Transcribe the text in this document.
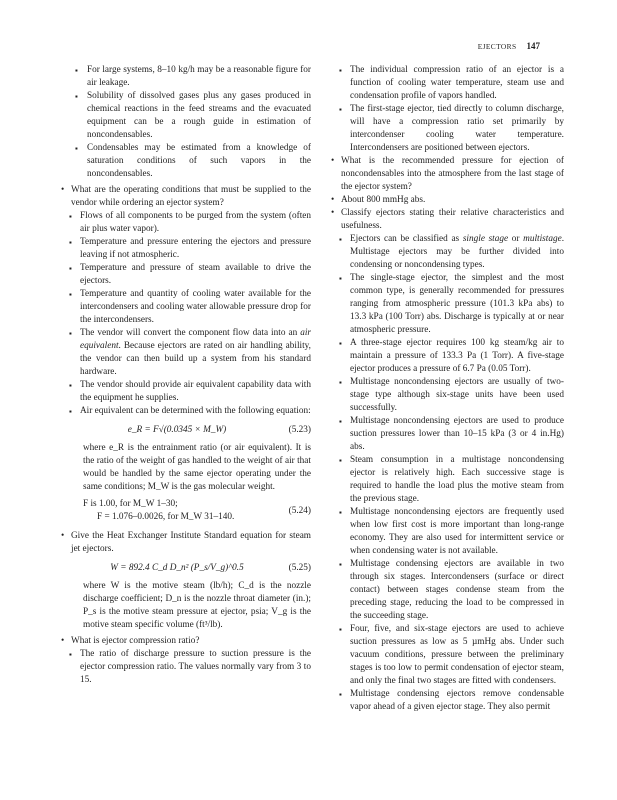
EJECTORS 147
▪ For large systems, 8–10 kg/h may be a reasonable figure for air leakage.
▪ Solubility of dissolved gases plus any gases produced in chemical reactions in the feed streams and the evacuated equipment can be a rough guide in estimation of noncondensables.
▪ Condensables may be estimated from a knowledge of saturation conditions of such vapors in the noncondensables.
• What are the operating conditions that must be supplied to the vendor while ordering an ejector system?
▪ Flows of all components to be purged from the system (often air plus water vapor).
▪ Temperature and pressure entering the ejectors and pressure leaving if not atmospheric.
▪ Temperature and pressure of steam available to drive the ejectors.
▪ Temperature and quantity of cooling water available for the intercondensers and cooling water allowable pressure drop for the intercondensers.
▪ The vendor will convert the component flow data into an air equivalent. Because ejectors are rated on air handling ability, the vendor can then build up a system from his standard hardware.
▪ The vendor should provide air equivalent capability data with the equipment he supplies.
▪ Air equivalent can be determined with the following equation:
e_R = F√(0.0345 × M_W)	(5.23)
where e_R is the entrainment ratio (or air equivalent). It is the ratio of the weight of gas handled to the weight of air that would be handled by the same ejector operating under the same conditions; M_W is the gas molecular weight.
F is 1.00, for M_W 1–30;
F = 1.076–0.0026, for M_W 31–140.
(5.24)
• Give the Heat Exchanger Institute Standard equation for steam jet ejectors.
W = 892.4 C_d D_n² (P_s/V_g)^0.5	(5.25)
where W is the motive steam (lb/h); C_d is the nozzle discharge coefficient; D_n is the nozzle throat diameter (in.); P_s is the motive steam pressure at ejector, psia; V_g is the motive steam specific volume (ft³/lb).
• What is ejector compression ratio?
▪ The ratio of discharge pressure to suction pressure is the ejector compression ratio. The values normally vary from 3 to 15.
▪ The individual compression ratio of an ejector is a function of cooling water temperature, steam use and condensation profile of vapors handled.
▪ The first-stage ejector, tied directly to column discharge, will have a compression ratio set primarily by intercondenser cooling water temperature. Intercondensers are positioned between ejectors.
• What is the recommended pressure for ejection of noncondensables into the atmosphere from the last stage of the ejector system?
• About 800 mmHg abs.
• Classify ejectors stating their relative characteristics and usefulness.
▪ Ejectors can be classified as single stage or multistage. Multistage ejectors may be further divided into condensing or noncondensing types.
▪ The single-stage ejector, the simplest and the most common type, is generally recommended for pressures ranging from atmospheric pressure (101.3 kPa abs) to 13.3 kPa (100 Torr) abs. Discharge is typically at or near atmospheric pressure.
▪ A three-stage ejector requires 100 kg steam/kg air to maintain a pressure of 133.3 Pa (1 Torr). A five-stage ejector produces a pressure of 6.7 Pa (0.05 Torr).
▪ Multistage noncondensing ejectors are usually of two-stage type although six-stage units have been used successfully.
▪ Multistage noncondensing ejectors are used to produce suction pressures lower than 10–15 kPa (3 or 4 in.Hg) abs.
▪ Steam consumption in a multistage noncondensing ejector is relatively high. Each successive stage is required to handle the load plus the motive steam from the previous stage.
▪ Multistage noncondensing ejectors are frequently used when low first cost is more important than long-range economy. They are also used for intermittent service or when condensing water is not available.
▪ Multistage condensing ejectors are available in two through six stages. Intercondensers (surface or direct contact) between stages condense steam from the preceding stage, reducing the load to be compressed in the succeeding stage.
▪ Four, five, and six-stage ejectors are used to achieve suction pressures as low as 5 µmHg abs. Under such vacuum conditions, pressure between the preliminary stages is too low to permit condensation of ejector steam, and only the final two stages are fitted with condensers.
▪ Multistage condensing ejectors remove condensable vapor ahead of a given ejector stage. They also permit
